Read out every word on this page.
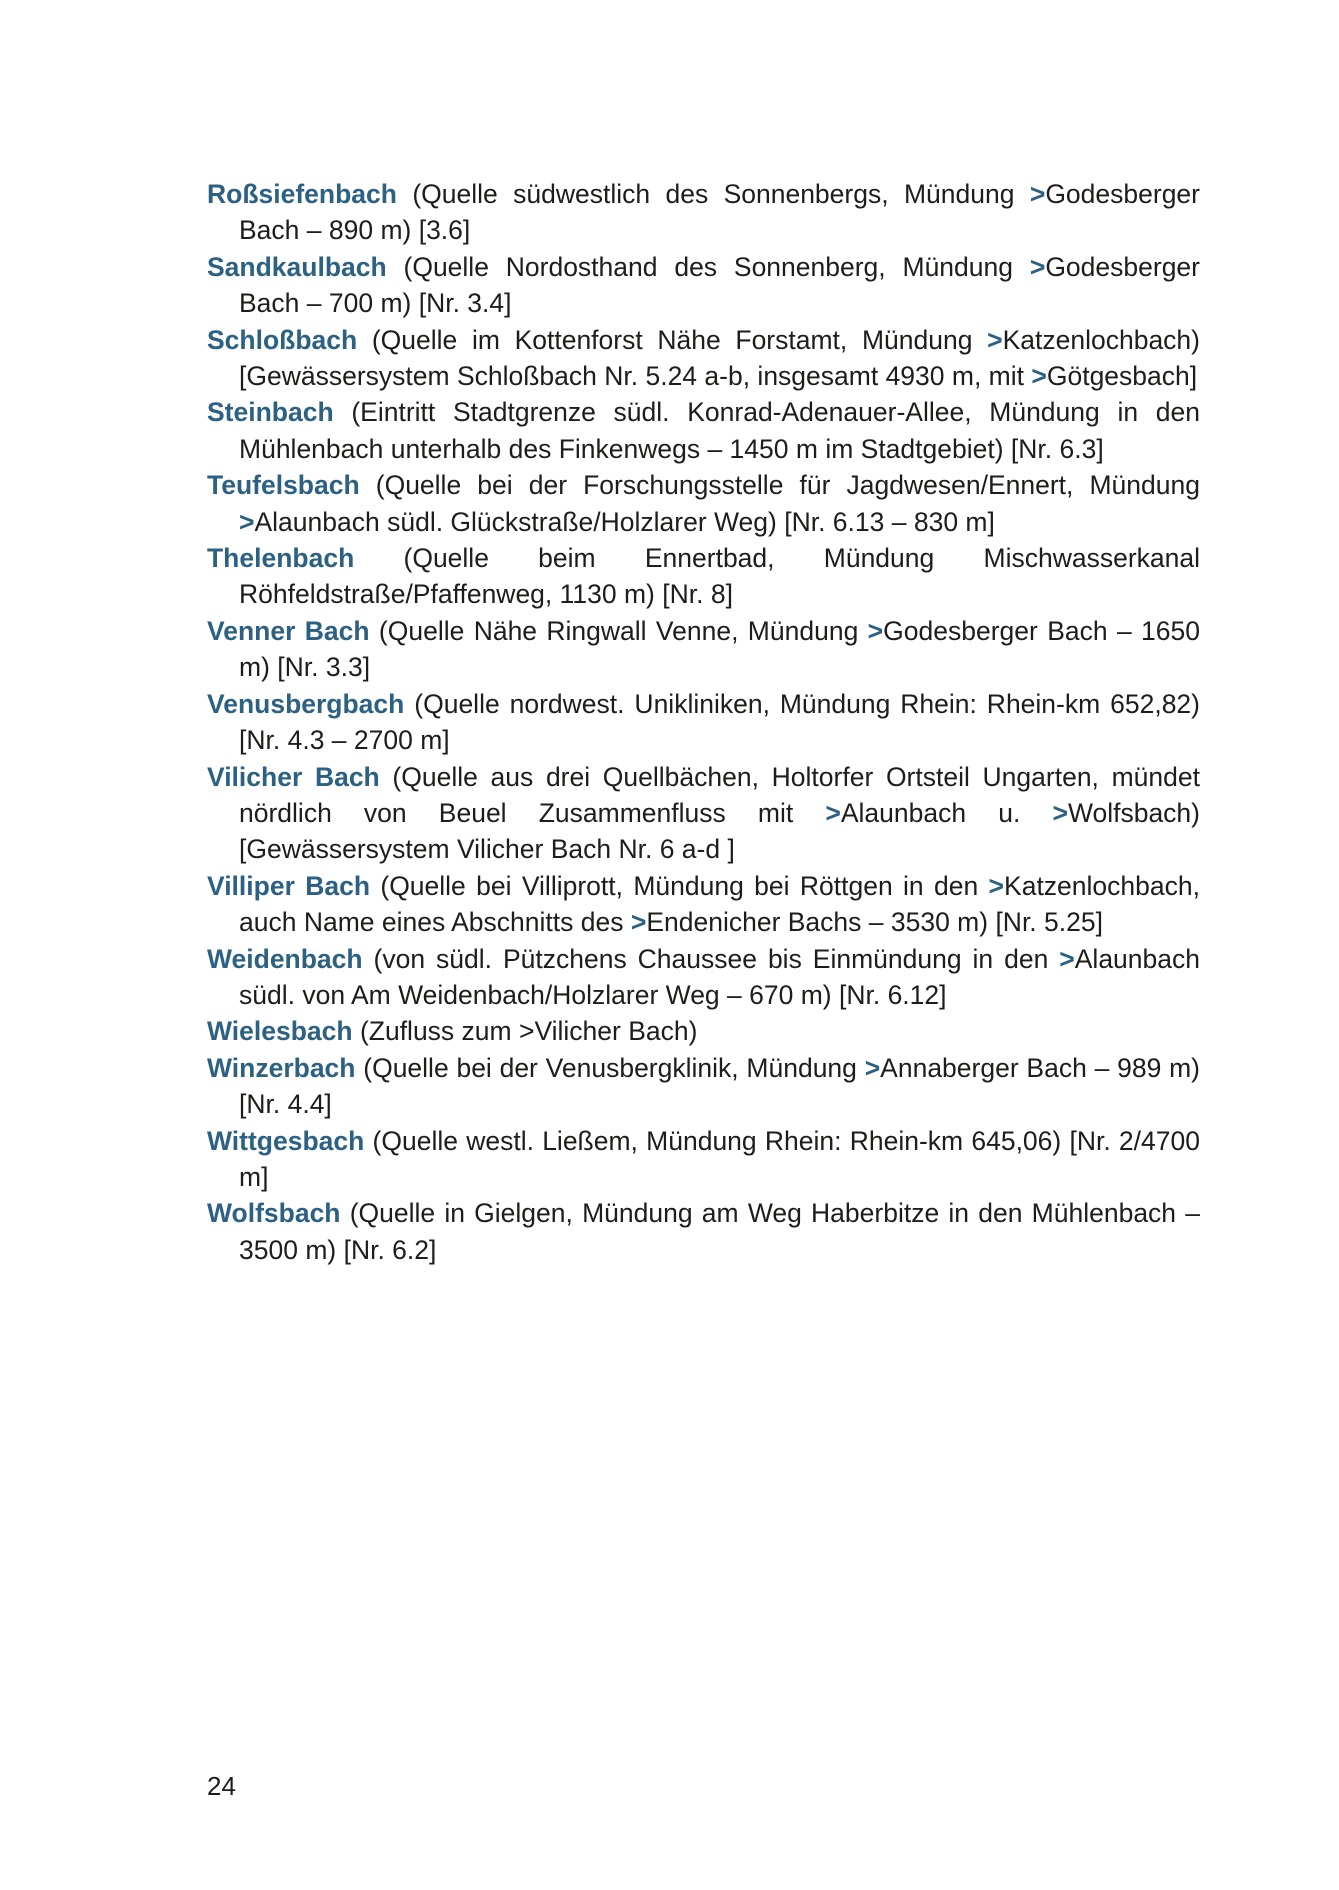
Roßsiefenbach (Quelle südwestlich des Sonnenbergs, Mündung >Godesberger Bach – 890 m) [3.6]
Sandkaulbach (Quelle Nordosthand des Sonnenberg, Mündung >Godesberger Bach – 700 m) [Nr. 3.4]
Schloßbach (Quelle im Kottenforst Nähe Forstamt, Mündung >Katzenlochbach) [Gewässersystem Schloßbach Nr. 5.24 a-b, insgesamt 4930 m, mit >Götgesbach]
Steinbach (Eintritt Stadtgrenze südl. Konrad-Adenauer-Allee, Mündung in den Mühlenbach unterhalb des Finkenwegs – 1450 m im Stadtgebiet) [Nr. 6.3]
Teufelsbach (Quelle bei der Forschungsstelle für Jagdwesen/Ennert, Mündung >Alaunbach südl. Glückstraße/Holzlarer Weg) [Nr. 6.13 – 830 m]
Thelenbach (Quelle beim Ennertbad, Mündung Mischwasserkanal Röhfeldstraße/Pfaffenweg, 1130 m) [Nr. 8]
Venner Bach (Quelle Nähe Ringwall Venne, Mündung >Godesberger Bach – 1650 m) [Nr. 3.3]
Venusbergbach (Quelle nordwest. Unikliniken, Mündung Rhein: Rhein-km 652,82) [Nr. 4.3 – 2700 m]
Vilicher Bach (Quelle aus drei Quellbächen, Holtorfer Ortsteil Ungarten, mündet nördlich von Beuel Zusammenfluss mit >Alaunbach u. >Wolfsbach) [Gewässersystem Vilicher Bach Nr. 6 a-d ]
Villiper Bach (Quelle bei Villiprott, Mündung bei Röttgen in den >Katzenlochbach, auch Name eines Abschnitts des >Endenicher Bachs – 3530 m) [Nr. 5.25]
Weidenbach (von südl. Pützchens Chaussee bis Einmündung in den >Alaunbach südl. von Am Weidenbach/Holzlarer Weg – 670 m) [Nr. 6.12]
Wielesbach (Zufluss zum >Vilicher Bach)
Winzerbach (Quelle bei der Venusbergklinik, Mündung >Annaberger Bach – 989 m) [Nr. 4.4]
Wittgesbach (Quelle westl. Ließem, Mündung Rhein: Rhein-km 645,06) [Nr. 2/4700 m]
Wolfsbach (Quelle in Gielgen, Mündung am Weg Haberbitze in den Mühlenbach – 3500 m) [Nr. 6.2]
24
